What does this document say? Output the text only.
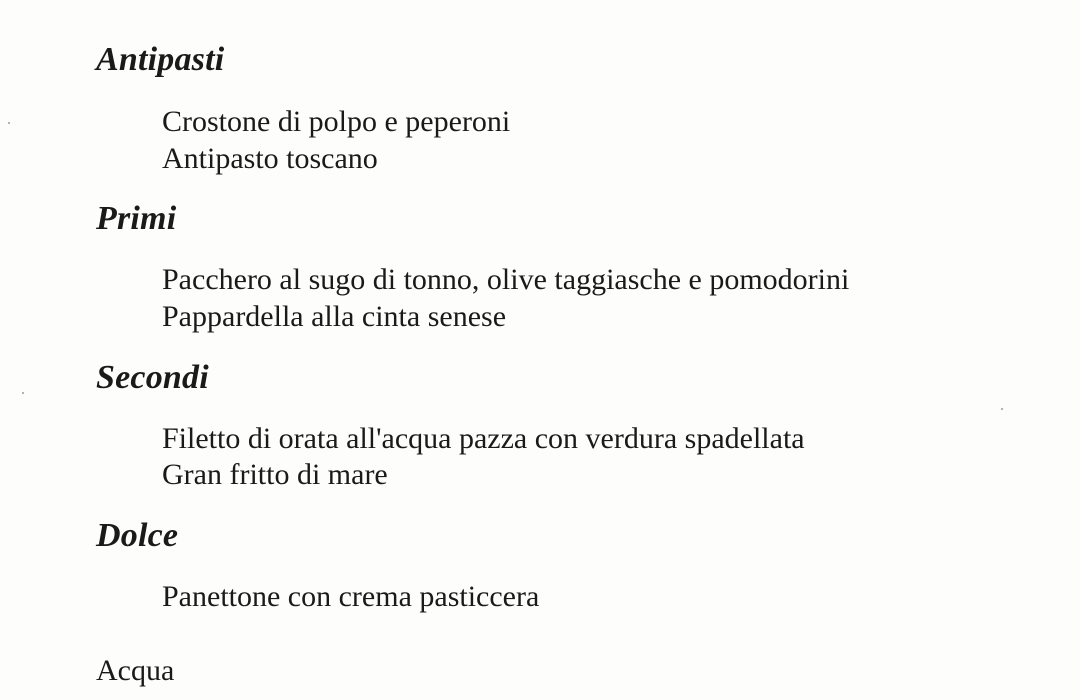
Antipasti

Crostone di polpo e peperoni

Antipasto toscano

Primi

Pacchero al sugo di tonno, olive taggiasche e pomodorini

Pappardella alla cinta senese

Secondi

Filetto di orata all'acqua pazza con verdura spadellata

Gran fritto di mare

Dolce

Panettone con crema pasticcera

Acqua
